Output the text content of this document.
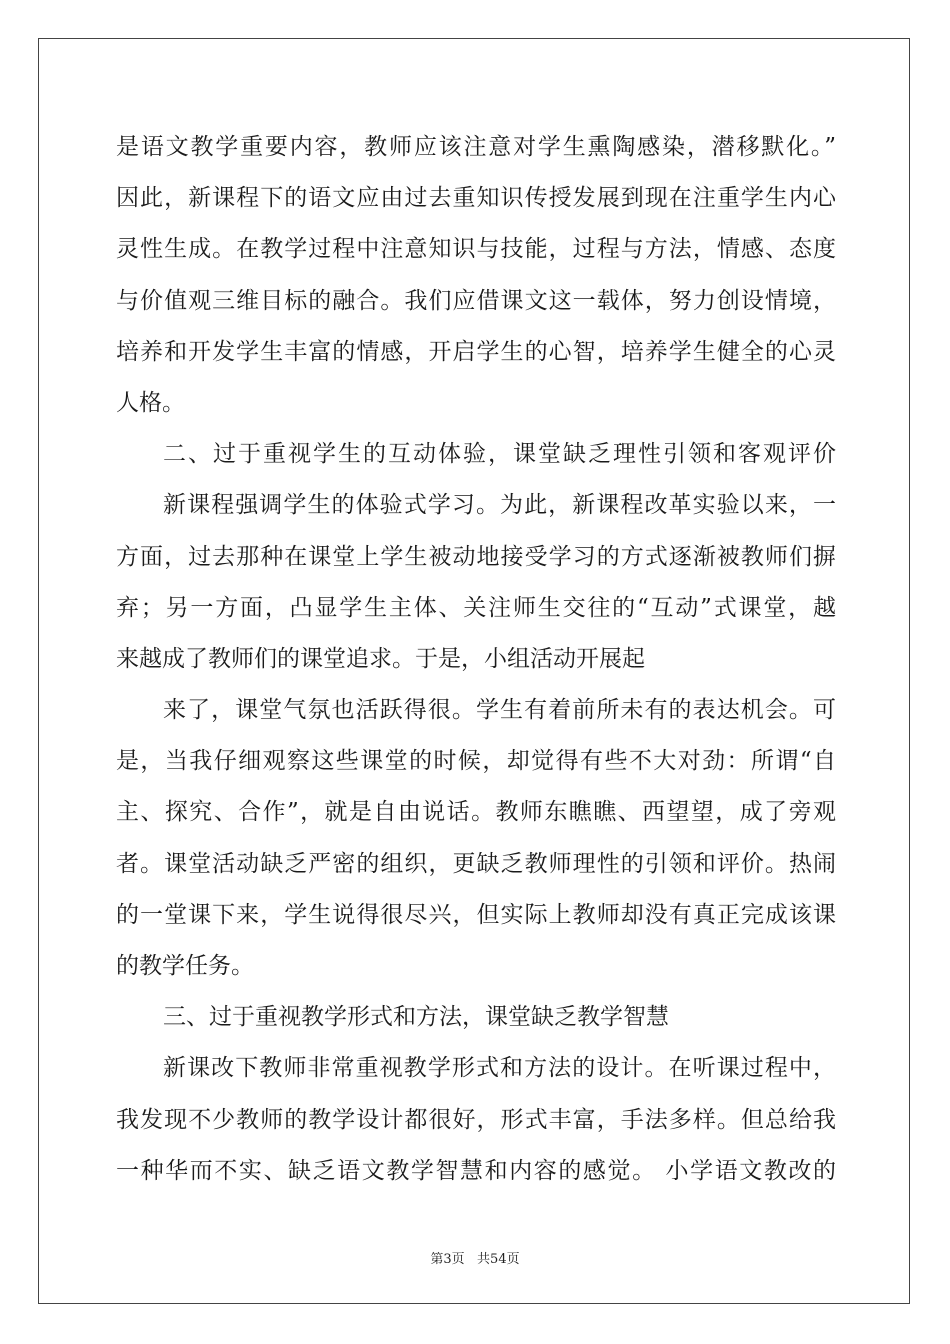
是语文教学重要内容，教师应该注意对学生熏陶感染，潜移默化。”
因此，新课程下的语文应由过去重知识传授发展到现在注重学生内心
灵性生成。在教学过程中注意知识与技能，过程与方法，情感、态度
与价值观三维目标的融合。我们应借课文这一载体，努力创设情境，
培养和开发学生丰富的情感，开启学生的心智，培养学生健全的心灵
人格。
二、过于重视学生的互动体验，课堂缺乏理性引领和客观评价
新课程强调学生的体验式学习。为此，新课程改革实验以来，一
方面，过去那种在课堂上学生被动地接受学习的方式逐渐被教师们摒
弃；另一方面，凸显学生主体、关注师生交往的“互动”式课堂，越
来越成了教师们的课堂追求。于是，小组活动开展起
来了，课堂气氛也活跃得很。学生有着前所未有的表达机会。可
是，当我仔细观察这些课堂的时候，却觉得有些不大对劲：所谓“自
主、探究、合作”，就是自由说话。教师东瞧瞧、西望望，成了旁观
者。课堂活动缺乏严密的组织，更缺乏教师理性的引领和评价。热闹
的一堂课下来，学生说得很尽兴，但实际上教师却没有真正完成该课
的教学任务。
三、过于重视教学形式和方法，课堂缺乏教学智慧
新课改下教师非常重视教学形式和方法的设计。在听课过程中，
我发现不少教师的教学设计都很好，形式丰富，手法多样。但总给我
一种华而不实、缺乏语文教学智慧和内容的感觉。 小学语文教改的
第3页   共54页
